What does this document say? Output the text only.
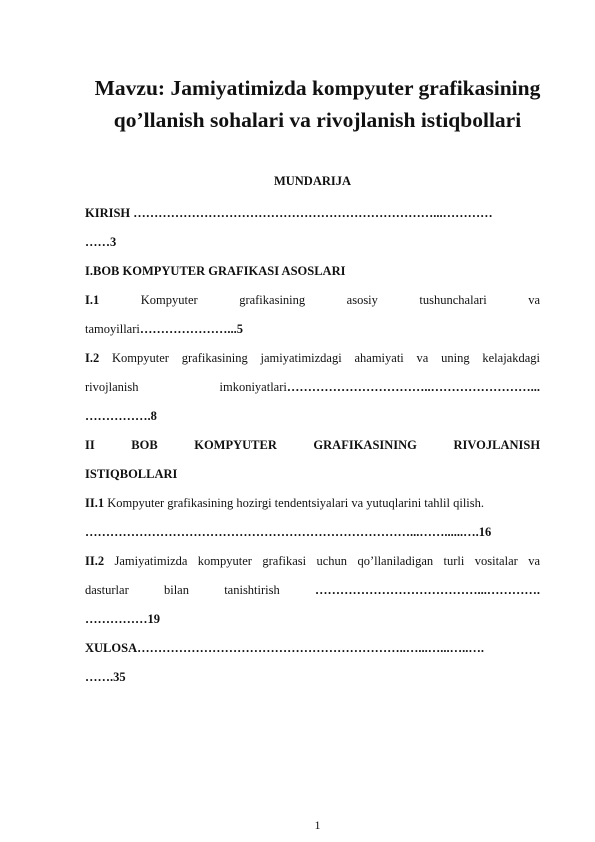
Mavzu: Jamiyatimizda kompyuter grafikasining
qo’llanish sohalari va rivojlanish istiqbollari
MUNDARIJA
KIRISH ………………………………………………………………...…………
……3
I.BOB KOMPYUTER GRAFIKASI ASOSLARI
I.1	Kompyuter	grafikasining	asosiy	tushunchalari	va
tamoyillari…………………...5
I.2 Kompyuter grafikasining jamiyatimizdagi ahamiyati va uning kelajakdagi
rivojlanish	imkoniyatlari……………………………..……………………...
…………….8
II	BOB	KOMPYUTER	GRAFIKASINING	RIVOJLANISH
ISTIQBOLLARI
II.1 Kompyuter grafikasining hozirgi tendentsiyalari va yutuqlarini tahlil qilish.
……………………………………………………………………...……......….16
II.2 Jamiyatimizda kompyuter grafikasi uchun qo’llaniladigan turli vositalar va
dasturlar	bilan	tanishtirish	…………………………………...………….
……………19
XULOSA………………………………………………………..…...…...…..….
…….35
1
